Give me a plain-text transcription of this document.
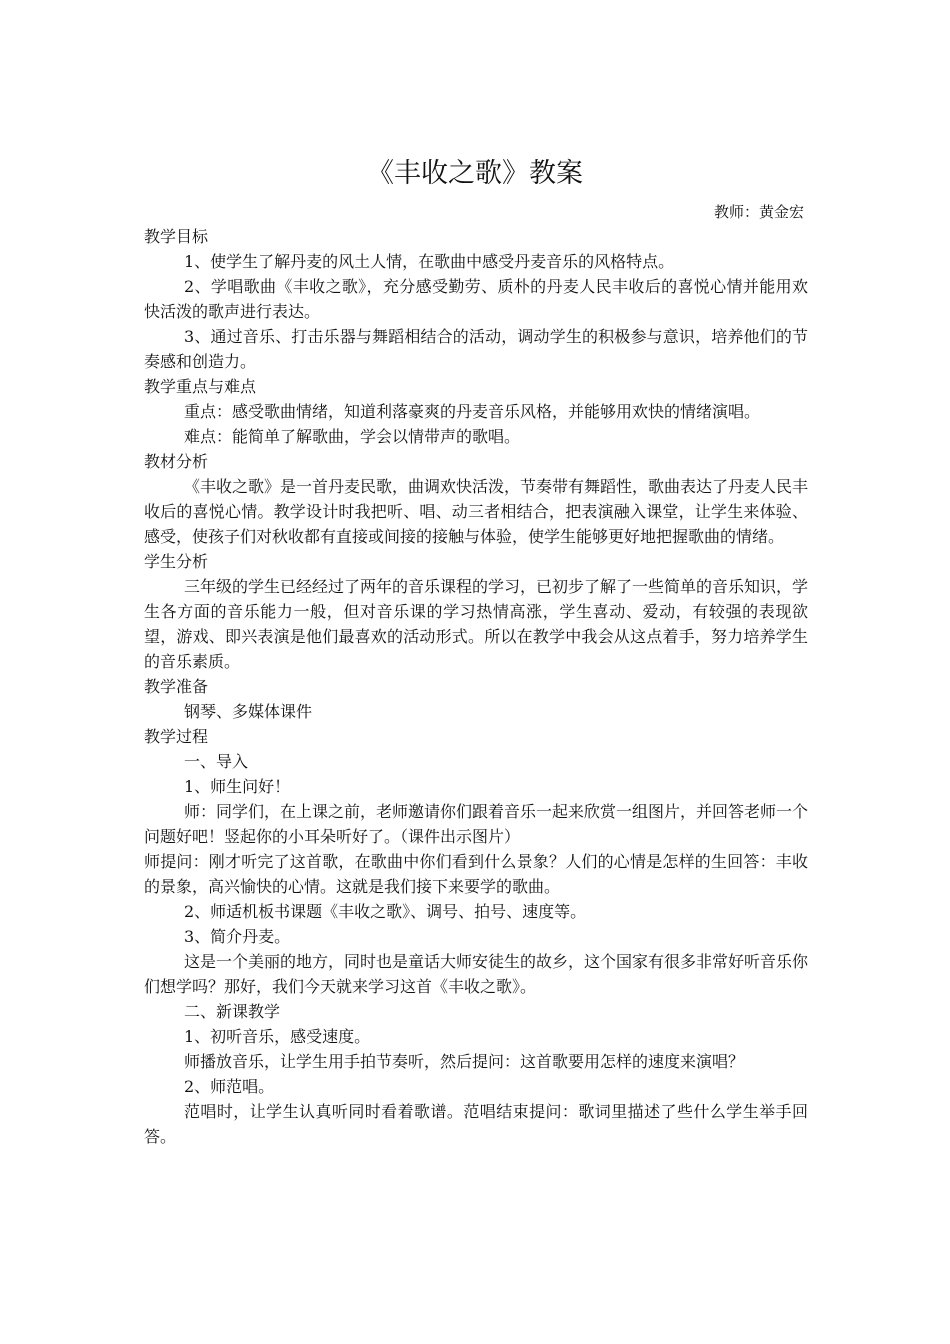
《丰收之歌》教案
教师：黄金宏

教学目标

1、使学生了解丹麦的风土人情，在歌曲中感受丹麦音乐的风格特点。

2、学唱歌曲《丰收之歌》，充分感受勤劳、质朴的丹麦人民丰收后的喜悦心情并能用欢快活泼的歌声进行表达。

3、通过音乐、打击乐器与舞蹈相结合的活动，调动学生的积极参与意识，培养他们的节奏感和创造力。

教学重点与难点

重点：感受歌曲情绪，知道利落豪爽的丹麦音乐风格，并能够用欢快的情绪演唱。

难点：能简单了解歌曲，学会以情带声的歌唱。

教材分析

《丰收之歌》是一首丹麦民歌，曲调欢快活泼，节奏带有舞蹈性，歌曲表达了丹麦人民丰收后的喜悦心情。教学设计时我把听、唱、动三者相结合，把表演融入课堂，让学生来体验、感受，使孩子们对秋收都有直接或间接的接触与体验，使学生能够更好地把握歌曲的情绪。

学生分析

三年级的学生已经经过了两年的音乐课程的学习，已初步了解了一些简单的音乐知识，学生各方面的音乐能力一般，但对音乐课的学习热情高涨，学生喜动、爱动，有较强的表现欲望，游戏、即兴表演是他们最喜欢的活动形式。所以在教学中我会从这点着手，努力培养学生的音乐素质。

教学准备

钢琴、多媒体课件

教学过程

一、导入

1、师生问好！

师：同学们，在上课之前，老师邀请你们跟着音乐一起来欣赏一组图片，并回答老师一个问题好吧！竖起你的小耳朵听好了。（课件出示图片）

师提问：刚才听完了这首歌，在歌曲中你们看到什么景象？人们的心情是怎样的生回答：丰收的景象，高兴愉快的心情。这就是我们接下来要学的歌曲。

2、师适机板书课题《丰收之歌》、调号、拍号、速度等。

3、简介丹麦。

这是一个美丽的地方，同时也是童话大师安徒生的故乡，这个国家有很多非常好听音乐你们想学吗？那好，我们今天就来学习这首《丰收之歌》。

二、新课教学

1、初听音乐，感受速度。

师播放音乐，让学生用手拍节奏听，然后提问：这首歌要用怎样的速度来演唱？

2、师范唱。

范唱时，让学生认真听同时看着歌谱。范唱结束提问：歌词里描述了些什么学生举手回答。
